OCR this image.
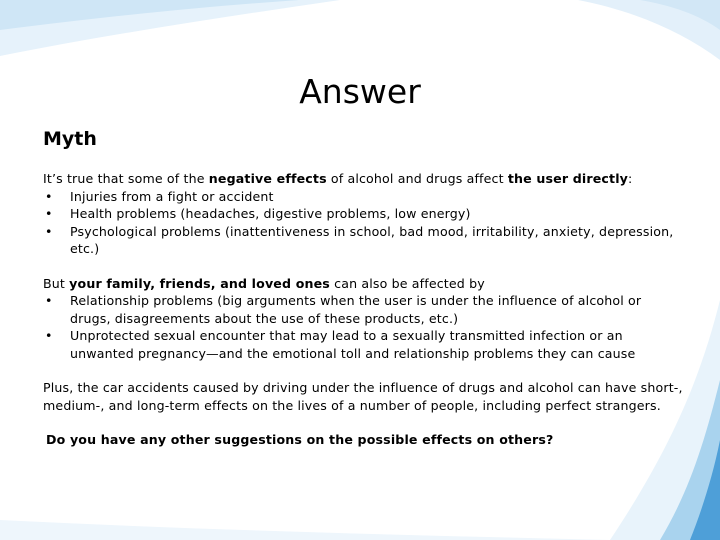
Answer
Myth

It’s true that some of the negative effects of alcohol and drugs affect the user directly:

• Injuries from a fight or accident
• Health problems (headaches, digestive problems, low energy)
• Psychological problems (inattentiveness in school, bad mood, irritability, anxiety, depression, etc.)

But your family, friends, and loved ones can also be affected by

• Relationship problems (big arguments when the user is under the influence of alcohol or drugs, disagreements about the use of these products, etc.)
• Unprotected sexual encounter that may lead to a sexually transmitted infection or an unwanted pregnancy—and the emotional toll and relationship problems they can cause

Plus, the car accidents caused by driving under the influence of drugs and alcohol can have short-, medium-, and long-term effects on the lives of a number of people, including perfect strangers.

Do you have any other suggestions on the possible effects on others?
